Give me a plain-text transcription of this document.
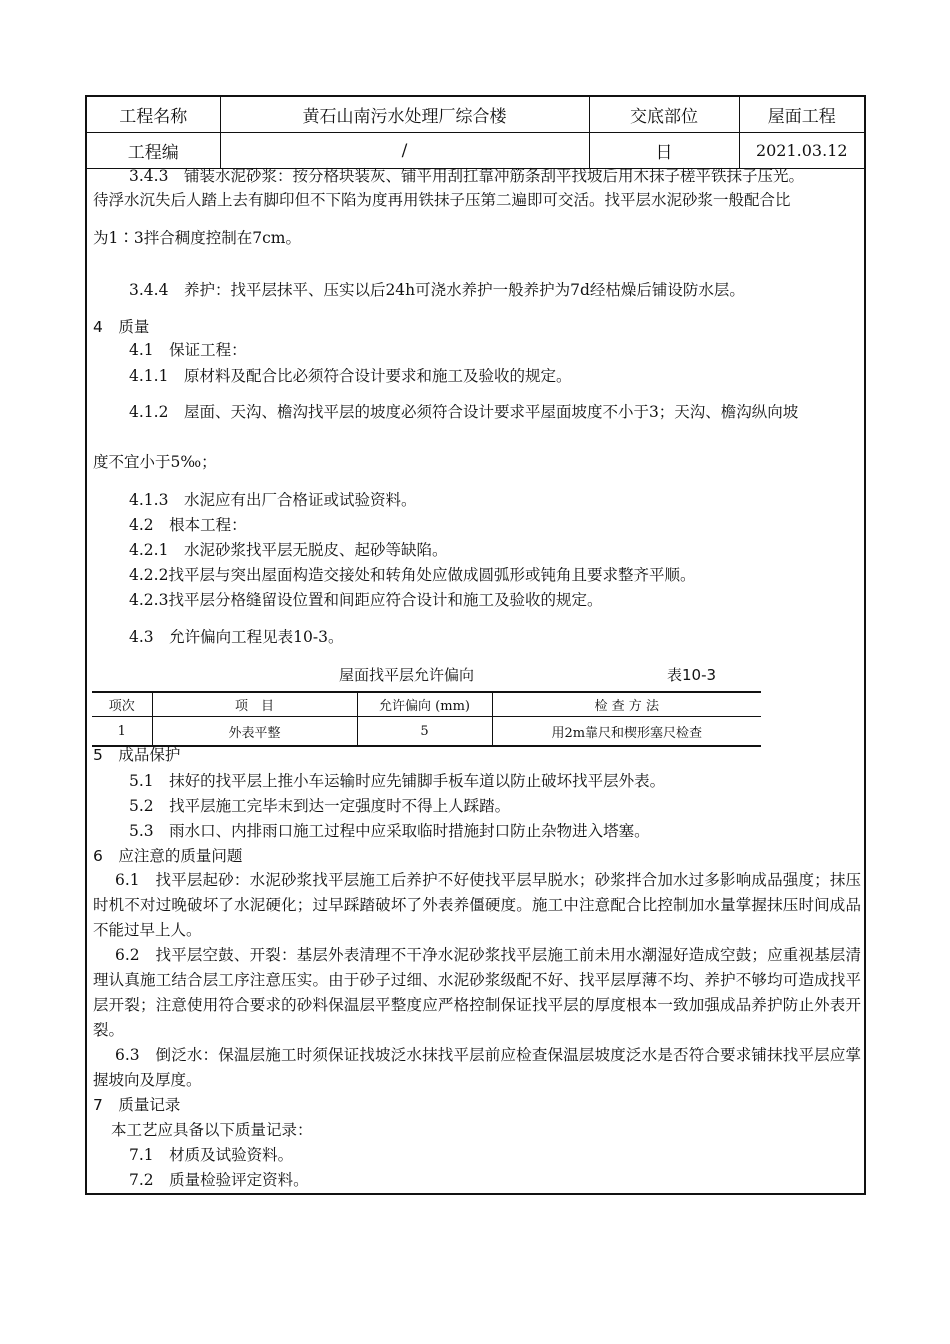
工程名称	黄石山南污水处理厂综合楼	交底部位	屋面工程
工程编	/	日	2021.03.12
3.4.3　铺装水泥砂浆：按分格块装灰、铺平用刮扛靠冲筋条刮平找坡后用木抹子槎平铁抹子压光。
待浮水沉失后人踏上去有脚印但不下陷为度再用铁抹子压第二遍即可交活。找平层水泥砂浆一般配合比
为1∶3拌合稠度控制在7cm。
3.4.4　养护：找平层抹平、压实以后24h可浇水养护一般养护为7d经枯燥后铺设防水层。
4　质量
4.1　保证工程：
4.1.1　原材料及配合比必须符合设计要求和施工及验收的规定。
4.1.2　屋面、天沟、檐沟找平层的坡度必须符合设计要求平屋面坡度不小于3；天沟、檐沟纵向坡
度不宜小于5‰；
4.1.3　水泥应有出厂合格证或试验资料。
4.2　根本工程：
4.2.1　水泥砂浆找平层无脱皮、起砂等缺陷。
4.2.2找平层与突出屋面构造交接处和转角处应做成圆弧形或钝角且要求整齐平顺。
4.2.3找平层分格缝留设位置和间距应符合设计和施工及验收的规定。
4.3　允许偏向工程见表10-3。
屋面找平层允许偏向	表10-3
项次	项　目	允许偏向 (mm)	检 查 方 法
1	外表平整	5	用2m靠尺和楔形塞尺检查
5　成品保护
5.1　抹好的找平层上推小车运输时应先铺脚手板车道以防止破坏找平层外表。
5.2　找平层施工完毕末到达一定强度时不得上人踩踏。
5.3　雨水口、内排雨口施工过程中应采取临时措施封口防止杂物进入塔塞。
6　应注意的质量问题
6.1　找平层起砂：水泥砂浆找平层施工后养护不好使找平层早脱水；砂浆拌合加水过多影响成品强度；抹压时机不对过晚破坏了水泥硬化；过早踩踏破坏了外表养僵硬度。施工中注意配合比控制加水量掌握抹压时间成品不能过早上人。
6.2　找平层空鼓、开裂：基层外表清理不干净水泥砂浆找平层施工前未用水潮湿好造成空鼓；应重视基层清理认真施工结合层工序注意压实。由于砂子过细、水泥砂浆级配不好、找平层厚薄不均、养护不够均可造成找平层开裂；注意使用符合要求的砂料保温层平整度应严格控制保证找平层的厚度根本一致加强成品养护防止外表开裂。
6.3　倒泛水：保温层施工时须保证找坡泛水抹找平层前应检查保温层坡度泛水是否符合要求铺抹找平层应掌握坡向及厚度。
7　质量记录
本工艺应具备以下质量记录：
7.1　材质及试验资料。
7.2　质量检验评定资料。
